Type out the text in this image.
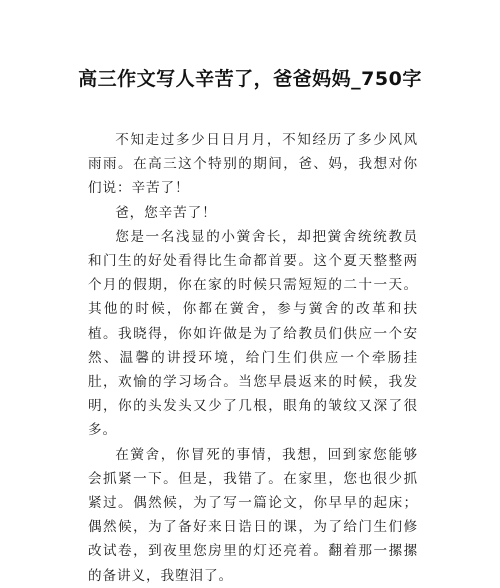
高三作文写人辛苦了，爸爸妈妈_750字

不知走过多少日日月月，不知经历了多少风风雨雨。在高三这个特别的期间，爸、妈，我想对你们说：辛苦了！

爸，您辛苦了！

您是一名浅显的小黉舍长，却把黉舍统统教员和门生的好处看得比生命都首要。这个夏天整整两个月的假期，你在家的时候只需短短的二十一天。其他的时候，你都在黉舍，参与黉舍的改革和扶植。我晓得，你如许做是为了给教员们供应一个安然、温馨的讲授环境，给门生们供应一个牵肠挂肚，欢愉的学习场合。当您早晨返来的时候，我发明，你的头发头又少了几根，眼角的皱纹又深了很多。

在黉舍，你冒死的事情，我想，回到家您能够会抓紧一下。但是，我错了。在家里，您也很少抓紧过。偶然候，为了写一篇论文，你早早的起床；偶然候，为了备好来日诰日的课，为了给门生们修改试卷，到夜里您房里的灯还亮着。翻着那一摞摞的备讲义，我堕泪了。
